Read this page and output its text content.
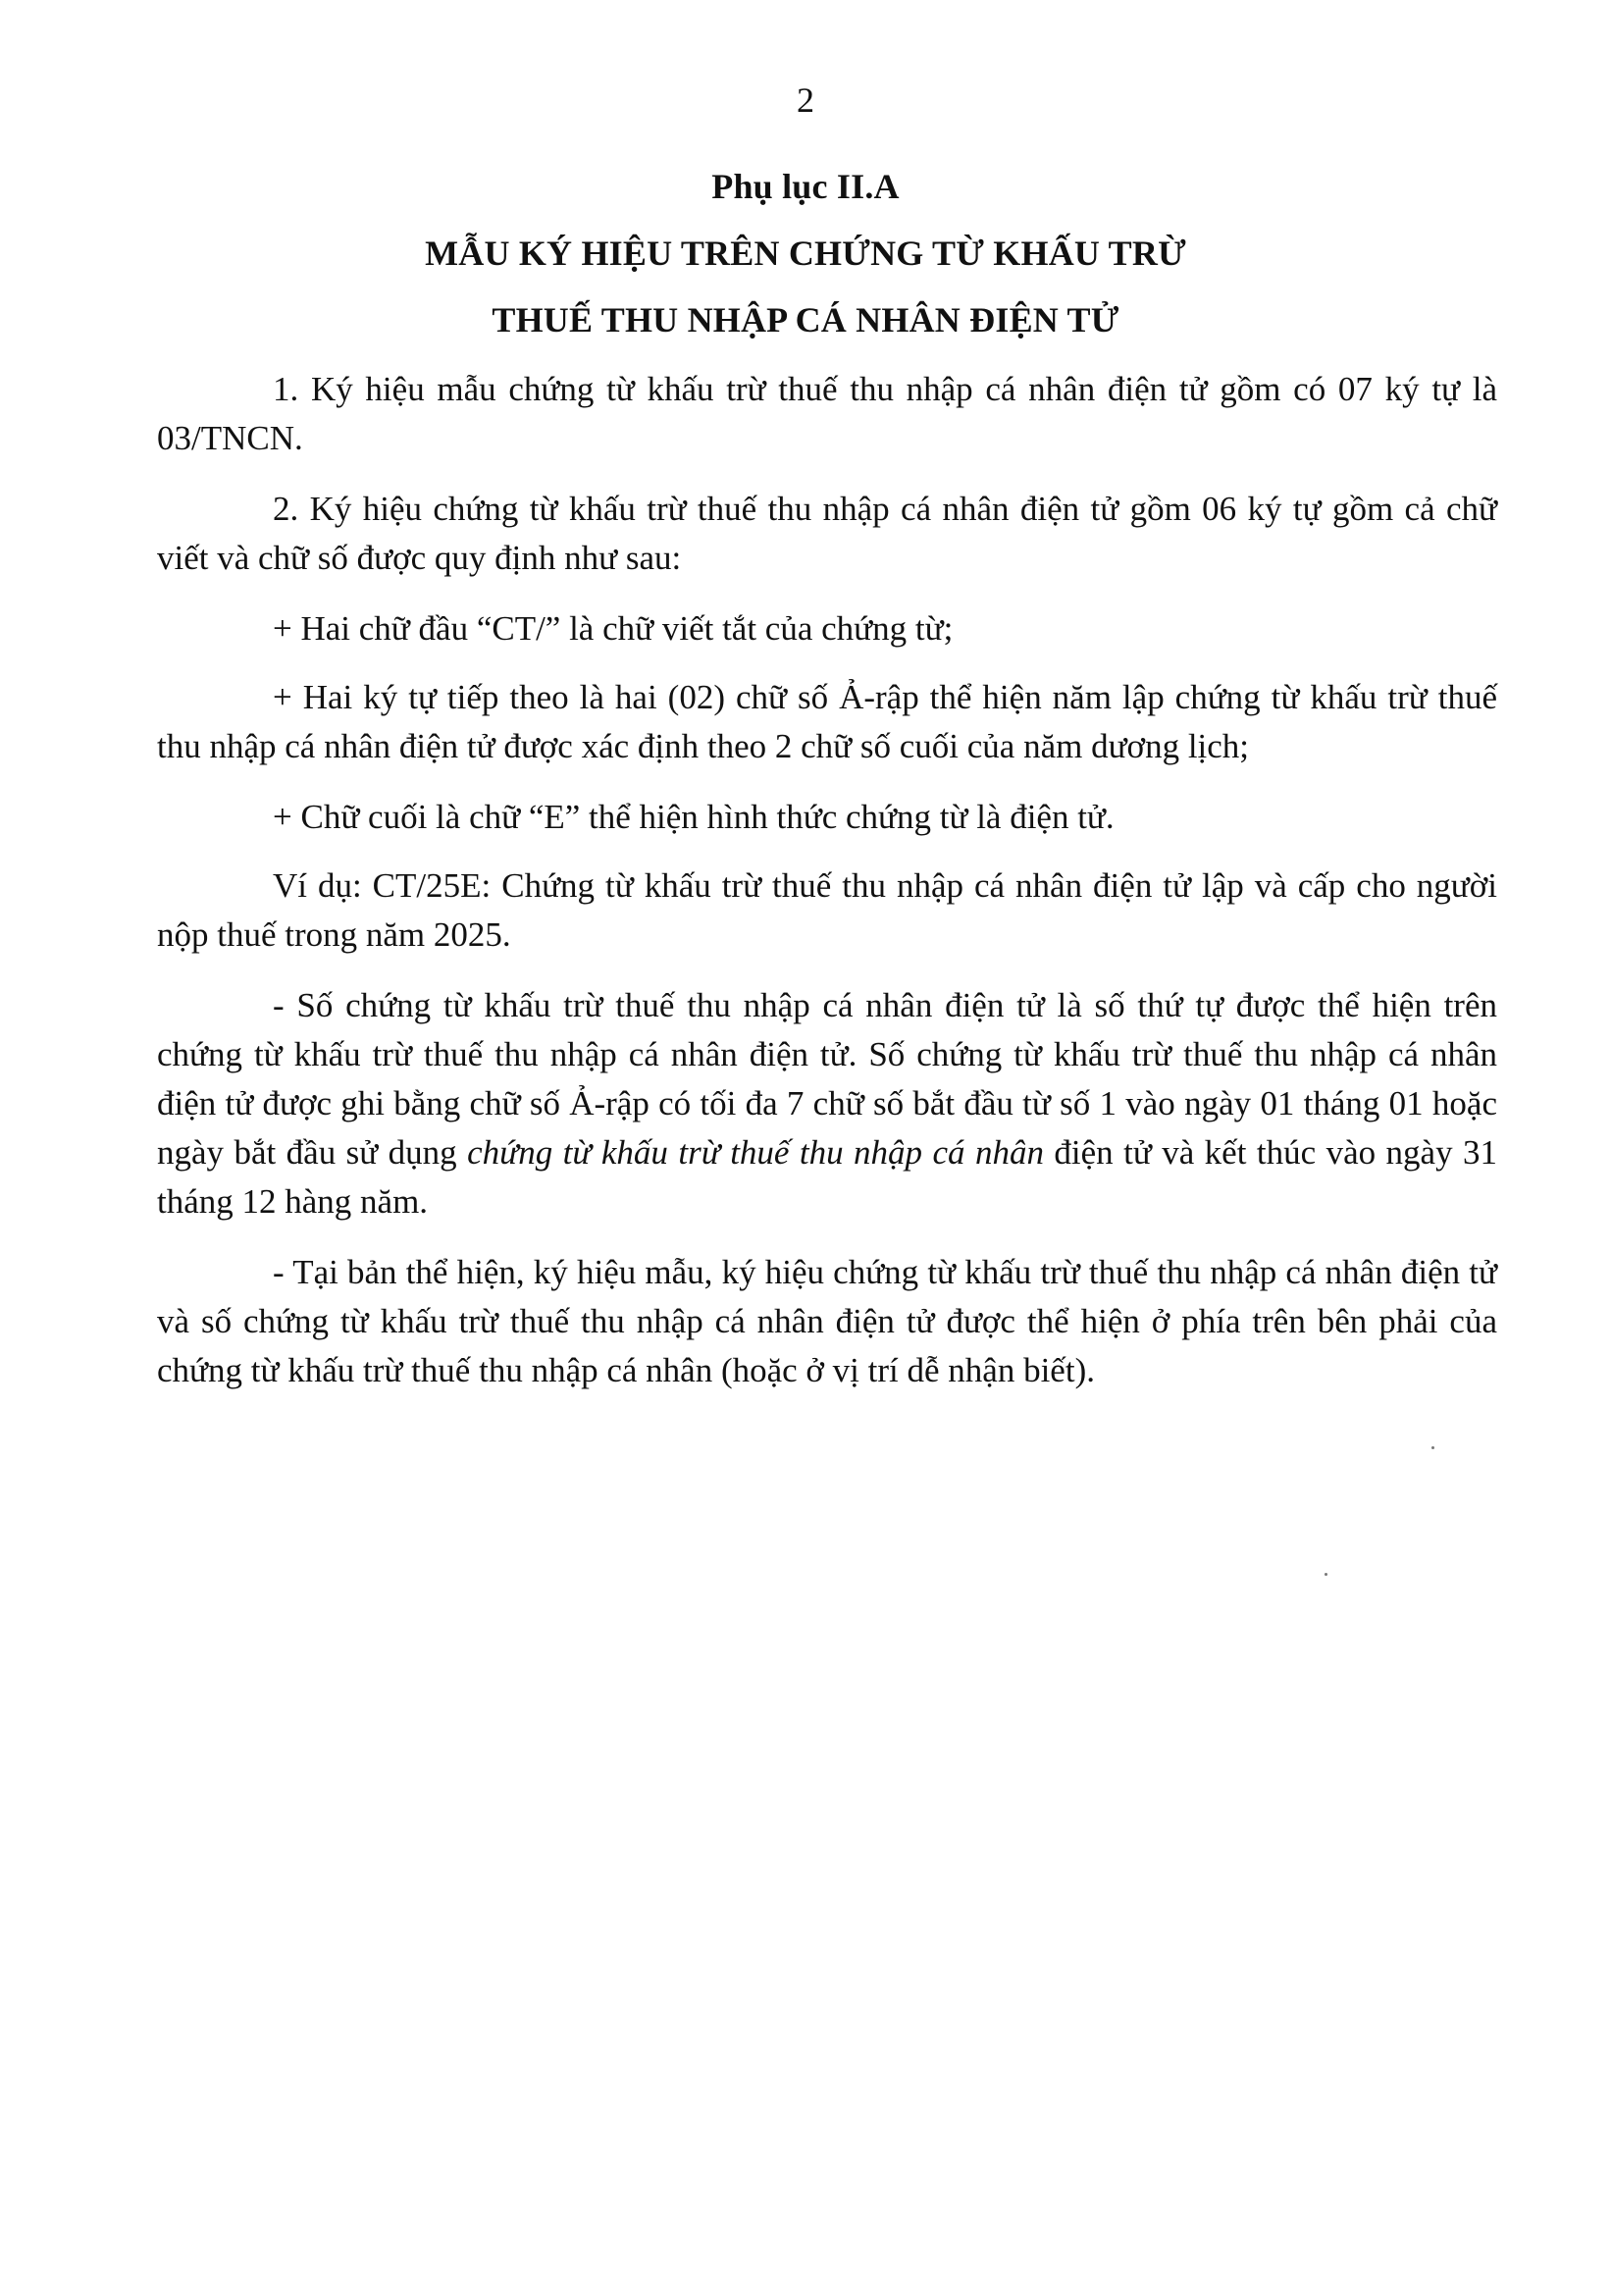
2
Phụ lục II.A
MẪU KÝ HIỆU TRÊN CHỨNG TỪ KHẤU TRỪ
THUẾ THU NHẬP CÁ NHÂN ĐIỆN TỬ

1. Ký hiệu mẫu chứng từ khấu trừ thuế thu nhập cá nhân điện tử gồm có 07 ký tự là 03/TNCN.

2. Ký hiệu chứng từ khấu trừ thuế thu nhập cá nhân điện tử gồm 06 ký tự gồm cả chữ viết và chữ số được quy định như sau:

+ Hai chữ đầu “CT/” là chữ viết tắt của chứng từ;

+ Hai ký tự tiếp theo là hai (02) chữ số Ả-rập thể hiện năm lập chứng từ khấu trừ thuế thu nhập cá nhân điện tử được xác định theo 2 chữ số cuối của năm dương lịch;

+ Chữ cuối là chữ “E” thể hiện hình thức chứng từ là điện tử.

Ví dụ: CT/25E: Chứng từ khấu trừ thuế thu nhập cá nhân điện tử lập và cấp cho người nộp thuế trong năm 2025.

- Số chứng từ khấu trừ thuế thu nhập cá nhân điện tử là số thứ tự được thể hiện trên chứng từ khấu trừ thuế thu nhập cá nhân điện tử. Số chứng từ khấu trừ thuế thu nhập cá nhân điện tử được ghi bằng chữ số Ả-rập có tối đa 7 chữ số bắt đầu từ số 1 vào ngày 01 tháng 01 hoặc ngày bắt đầu sử dụng chứng từ khấu trừ thuế thu nhập cá nhân điện tử và kết thúc vào ngày 31 tháng 12 hàng năm.

- Tại bản thể hiện, ký hiệu mẫu, ký hiệu chứng từ khấu trừ thuế thu nhập cá nhân điện tử và số chứng từ khấu trừ thuế thu nhập cá nhân điện tử được thể hiện ở phía trên bên phải của chứng từ khấu trừ thuế thu nhập cá nhân (hoặc ở vị trí dễ nhận biết).
